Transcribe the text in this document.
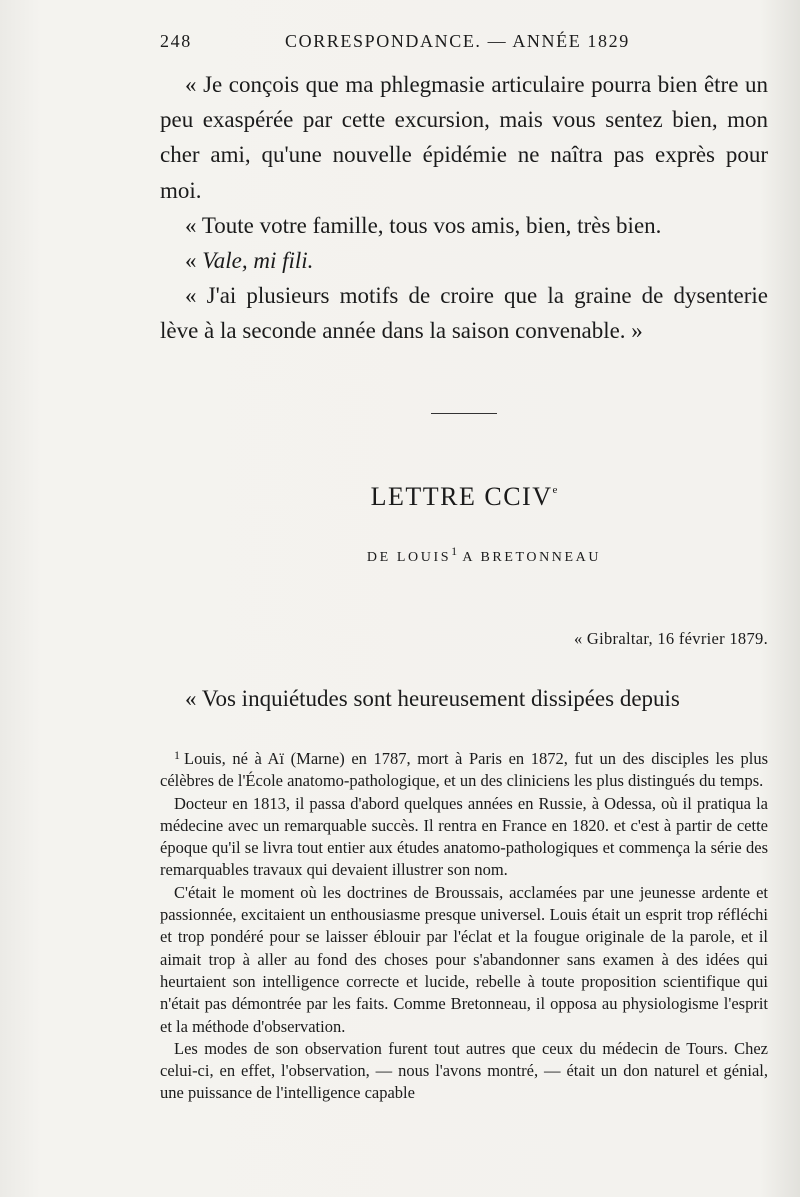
248	CORRESPONDANCE. — ANNÉE 1829

« Je conçois que ma phlegmasie articulaire pourra bien être un peu exaspérée par cette excursion, mais vous sentez bien, mon cher ami, qu'une nouvelle épidémie ne naîtra pas exprès pour moi.

« Toute votre famille, tous vos amis, bien, très bien.

« Vale, mi fili.

« J'ai plusieurs motifs de croire que la graine de dysenterie lève à la seconde année dans la saison convenable. »

LETTRE CCIVe
DE LOUIS$^1$ A BRETONNEAU
« Gibraltar, 16 février 1879.

« Vos inquiétudes sont heureusement dissipées depuis

$^1$ Louis, né à Aï (Marne) en 1787, mort à Paris en 1872, fut un des disciples les plus célèbres de l'École anatomo-pathologique, et un des cliniciens les plus distingués du temps.

Docteur en 1813, il passa d'abord quelques années en Russie, à Odessa, où il pratiqua la médecine avec un remarquable succès. Il rentra en France en 1820. et c'est à partir de cette époque qu'il se livra tout entier aux études anatomo-pathologiques et commença la série des remarquables travaux qui devaient illustrer son nom.

C'était le moment où les doctrines de Broussais, acclamées par une jeunesse ardente et passionnée, excitaient un enthousiasme presque universel. Louis était un esprit trop réfléchi et trop pondéré pour se laisser éblouir par l'éclat et la fougue originale de la parole, et il aimait trop à aller au fond des choses pour s'abandonner sans examen à des idées qui heurtaient son intelligence correcte et lucide, rebelle à toute proposition scientifique qui n'était pas démontrée par les faits. Comme Bretonneau, il opposa au physiologisme l'esprit et la méthode d'observation.

Les modes de son observation furent tout autres que ceux du médecin de Tours. Chez celui-ci, en effet, l'observation, — nous l'avons montré, — était un don naturel et génial, une puissance de l'intelligence capable
